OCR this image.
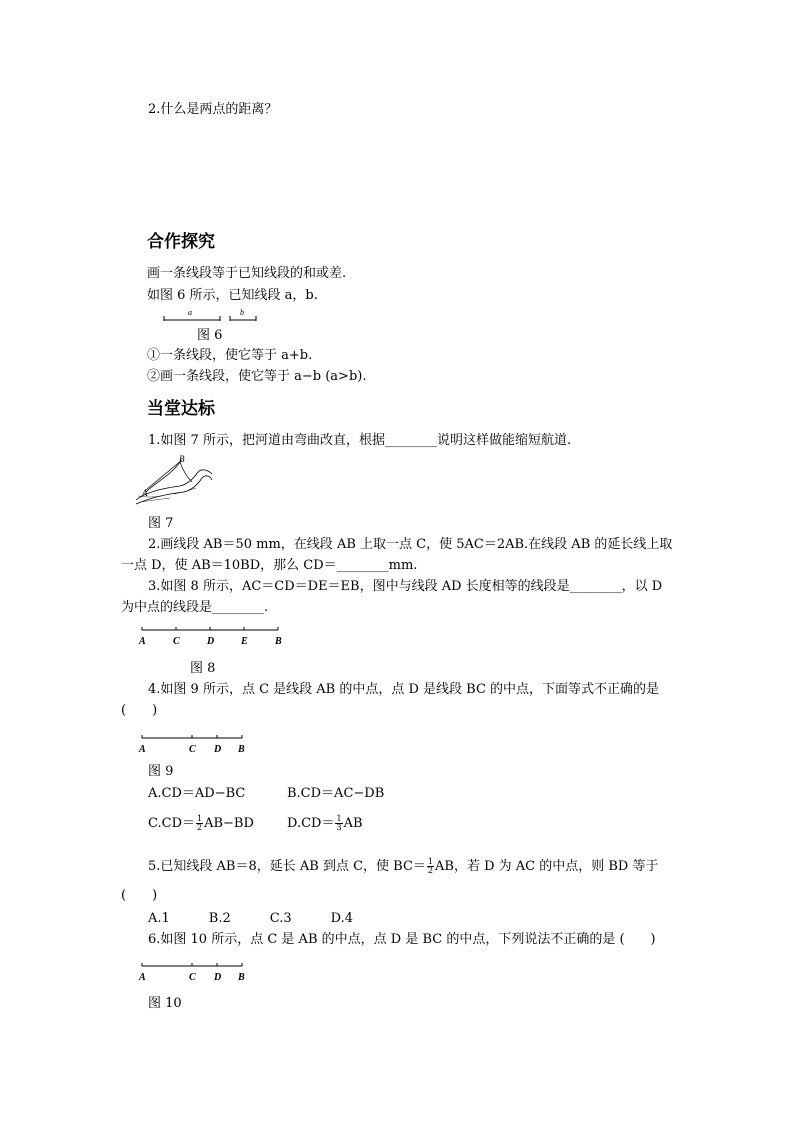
2.什么是两点的距离？
合作探究
画一条线段等于已知线段的和或差.
如图 6 所示，已知线段 a，b.
a	b
图 6
①一条线段，使它等于 a+b.
②画一条线段，使它等于 a−b (a>b).
当堂达标
1.如图 7 所示，把河道由弯曲改直，根据________说明这样做能缩短航道.
B
A
图 7
2.画线段 AB＝50 mm，在线段 AB 上取一点 C，使 5AC＝2AB.在线段 AB 的延长线上取
一点 D，使 AB＝10BD，那么 CD＝________mm.
3.如图 8 所示，AC＝CD＝DE＝EB，图中与线段 AD 长度相等的线段是________，以 D
为中点的线段是________.
A	C	D	E	B
图 8
4.如图 9 所示，点 C 是线段 AB 的中点，点 D 是线段 BC 的中点，下面等式不正确的是
(　　)
A	C D B
图 9
A.CD＝AD−BC	B.CD＝AC−DB
$C.CD= \frac{1}{2} AB-BD$	$D.CD= \frac{1}{3}$ AB
5.已知线段 AB＝8，延长 AB 到点 C，使 $BC= \frac{1}{2}$ AB，若 D 为 AC 的中点，则 BD 等于
(　　)
A.1　　　B.2　　　C.3　　　D.4
6.如图 10 所示，点 C 是 AB 的中点，点 D 是 BC 的中点，下列说法不正确的是 (　　)
A	C D B
图 10
